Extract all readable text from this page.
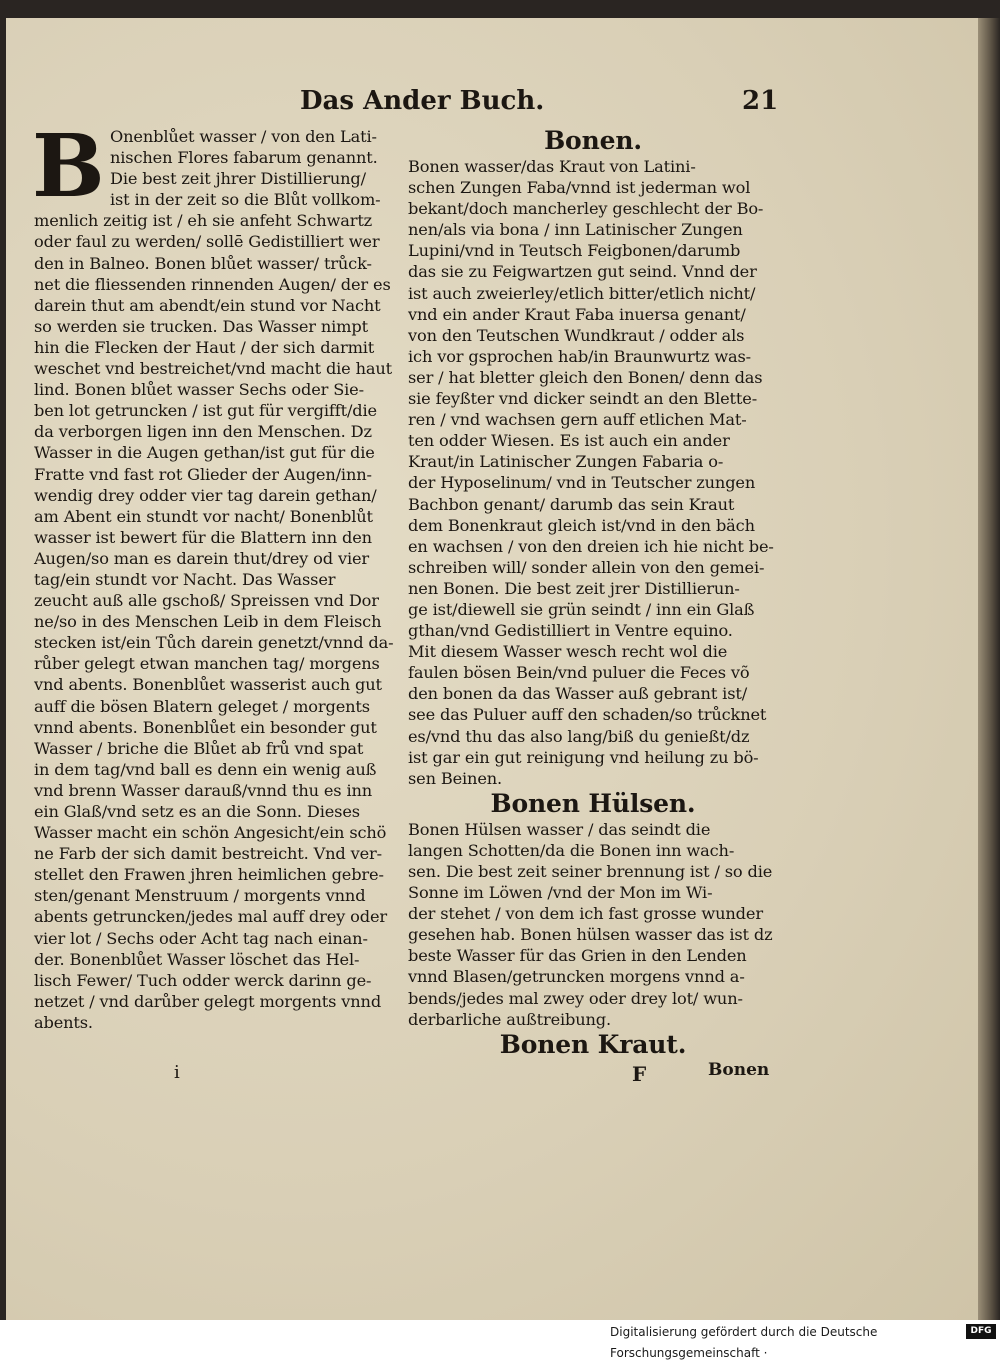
Das Ander Buch.	21
B Onenblůet wasser / von den Lati-
nischen Flores fabarum genannt.
Die best zeit jhrer Distillierung/
ist in der zeit so die Blůt vollkom-
menlich zeitig ist / eh sie anfeht Schwartz
oder faul zu werden/ sollē Gedistilliert wer
den in Balneo. Bonen blůet wasser/ trůck-
net die fliessenden rinnenden Augen/ der es
darein thut am abendt/ein stund vor Nacht
so werden sie trucken. Das Wasser nimpt
hin die Flecken der Haut / der sich darmit
weschet vnd bestreichet/vnd macht die haut
lind. Bonen blůet wasser Sechs oder Sie-
ben lot getruncken / ist gut für vergifft/die
da verborgen ligen inn den Menschen. Dz
Wasser in die Augen gethan/ist gut für die
Fratte vnd fast rot Glieder der Augen/inn-
wendig drey odder vier tag darein gethan/
am Abent ein stundt vor nacht/ Bonenblůt
wasser ist bewert für die Blattern inn den
Augen/so man es darein thut/drey od vier
tag/ein stundt vor Nacht. Das Wasser
zeucht auß alle gschoß/ Spreissen vnd Dor
ne/so in des Menschen Leib in dem Fleisch
stecken ist/ein Tůch darein genetzt/vnnd da-
růber gelegt etwan manchen tag/ morgens
vnd abents. Bonenblůet wasserist auch gut
auff die bösen Blatern geleget / morgents
vnnd abents. Bonenblůet ein besonder gut
Wasser / briche die Blůet ab frů vnd spat
in dem tag/vnd ball es denn ein wenig auß
vnd brenn Wasser darauß/vnnd thu es inn
ein Glaß/vnd setz es an die Sonn. Dieses
Wasser macht ein schön Angesicht/ein schö
ne Farb der sich damit bestreicht. Vnd ver-
stellet den Frawen jhren heimlichen gebre-
sten/genant Menstruum / morgents vnnd
abents getruncken/jedes mal auff drey oder
vier lot / Sechs oder Acht tag nach einan-
der. Bonenblůet Wasser löschet das Hel-
lisch Fewer/ Tuch odder werck darinn ge-
netzet / vnd darůber gelegt morgents vnnd
abents.
Bonen.
Bonen wasser/das Kraut von Latini-
schen Zungen Faba/vnnd ist jederman wol
bekant/doch mancherley geschlecht der Bo-
nen/als via bona / inn Latinischer Zungen
Lupini/vnd in Teutsch Feigbonen/darumb
das sie zu Feigwartzen gut seind. Vnnd der
ist auch zweierley/etlich bitter/etlich nicht/
vnd ein ander Kraut Faba inuersa genant/
von den Teutschen Wundkraut / odder als
ich vor gsprochen hab/in Braunwurtz was-
ser / hat bletter gleich den Bonen/ denn das
sie feyßter vnd dicker seindt an den Blette-
ren / vnd wachsen gern auff etlichen Mat-
ten odder Wiesen. Es ist auch ein ander
Kraut/in Latinischer Zungen Fabaria o-
der Hyposelinum/ vnd in Teutscher zungen
Bachbon genant/ darumb das sein Kraut
dem Bonenkraut gleich ist/vnd in den bäch
en wachsen / von den dreien ich hie nicht be-
schreiben will/ sonder allein von den gemei-
nen Bonen. Die best zeit jrer Distillierun-
ge ist/diewell sie grün seindt / inn ein Glaß
gthan/vnd Gedistilliert in Ventre equino.
Mit diesem Wasser wesch recht wol die
faulen bösen Bein/vnd puluer die Feces võ
den bonen da das Wasser auß gebrant ist/
see das Puluer auff den schaden/so trůcknet
es/vnd thu das also lang/biß du genießt/dz
ist gar ein gut reinigung vnd heilung zu bö-
sen Beinen.
Bonen Hülsen.
Bonen Hülsen wasser / das seindt die
langen Schotten/da die Bonen inn wach-
sen. Die best zeit seiner brennung ist / so die
Sonne im Löwen /vnd der Mon im Wi-
der stehet / von dem ich fast grosse wunder
gesehen hab. Bonen hülsen wasser das ist dz
beste Wasser für das Grien in den Lenden
vnnd Blasen/getruncken morgens vnnd a-
bends/jedes mal zwey oder drey lot/ wun-
derbarliche außtreibung.
Bonen Kraut.
i	F	Bonen
Digitalisierung gefördert durch die Deutsche Forschungsgemeinschaft ·
DFG
